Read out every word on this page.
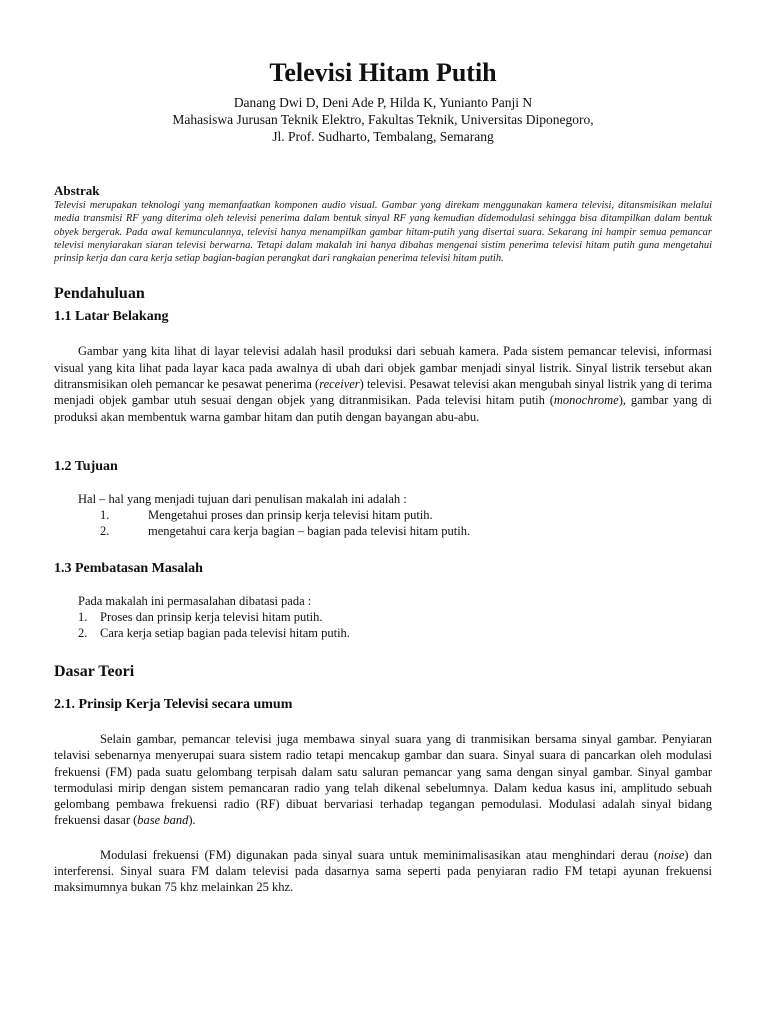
Televisi Hitam Putih
Danang Dwi D, Deni Ade P, Hilda K, Yunianto Panji N
Mahasiswa Jurusan Teknik Elektro, Fakultas Teknik, Universitas Diponegoro,
Jl. Prof. Sudharto, Tembalang, Semarang
Abstrak

Televisi merupakan teknologi yang memanfaatkan komponen audio visual. Gambar yang direkam menggunakan kamera televisi, ditansmisikan melalui media transmisi RF yang diterima oleh televisi penerima dalam bentuk sinyal RF yang kemudian didemodulasi sehingga bisa ditampilkan dalam bentuk obyek bergerak. Pada awal kemunculannya, televisi hanya menampilkan gambar hitam-putih yang disertai suara. Sekarang ini hampir semua pemancar televisi menyiarakan siaran televisi berwarna. Tetapi dalam makalah ini hanya dibahas mengenai sistim penerima televisi hitam putih guna mengetahui prinsip kerja dan cara kerja setiap bagian-bagian perangkat dari rangkaian penerima televisi hitam putih.

Pendahuluan
1.1 Latar Belakang

Gambar yang kita lihat di layar televisi adalah hasil produksi dari sebuah kamera. Pada sistem pemancar televisi, informasi visual yang kita lihat pada layar kaca pada awalnya di ubah dari objek gambar menjadi sinyal listrik. Sinyal listrik tersebut akan ditransmisikan oleh pemancar ke pesawat penerima (receiver) televisi. Pesawat televisi akan mengubah sinyal listrik yang di terima menjadi objek gambar utuh sesuai dengan objek yang ditranmisikan. Pada televisi hitam putih (monochrome), gambar yang di produksi akan membentuk warna gambar hitam dan putih dengan bayangan abu-abu.

1.2 Tujuan
Hal – hal yang menjadi tujuan dari penulisan makalah ini adalah :
1.	Mengetahui proses dan prinsip kerja televisi hitam putih.
2.	mengetahui cara kerja bagian – bagian pada televisi hitam putih.
1.3 Pembatasan Masalah
Pada makalah ini permasalahan dibatasi pada :
1.	Proses dan prinsip kerja televisi hitam putih.
2.	Cara kerja setiap bagian pada televisi hitam putih.
Dasar Teori
2.1. Prinsip Kerja Televisi secara umum

Selain gambar, pemancar televisi juga membawa sinyal suara yang di tranmisikan bersama sinyal gambar. Penyiaran telavisi sebenarnya menyerupai suara sistem radio tetapi mencakup gambar dan suara. Sinyal suara di pancarkan oleh modulasi frekuensi (FM) pada suatu gelombang terpisah dalam satu saluran pemancar yang sama dengan sinyal gambar. Sinyal gambar termodulasi mirip dengan sistem pemancaran radio yang telah dikenal sebelumnya. Dalam kedua kasus ini, amplitudo sebuah gelombang pembawa frekuensi radio (RF) dibuat bervariasi terhadap tegangan pemodulasi. Modulasi adalah sinyal bidang frekuensi dasar (base band).

Modulasi frekuensi (FM) digunakan pada sinyal suara untuk meminimalisasikan atau menghindari derau (noise) dan interferensi. Sinyal suara FM dalam televisi pada dasarnya sama seperti pada penyiaran radio FM tetapi ayunan frekuensi maksimumnya bukan 75 khz melainkan 25 khz.
